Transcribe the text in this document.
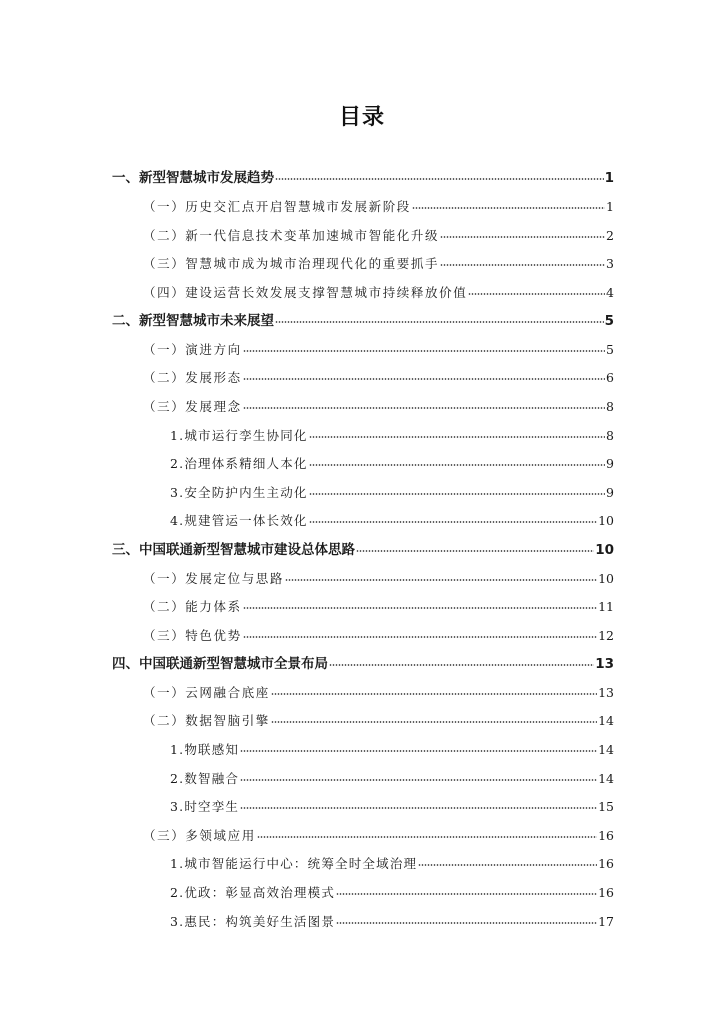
目录
一、新型智慧城市发展趋势	1
（一）历史交汇点开启智慧城市发展新阶段	1
（二）新一代信息技术变革加速城市智能化升级	2
（三）智慧城市成为城市治理现代化的重要抓手	3
（四）建设运营长效发展支撑智慧城市持续释放价值	4
二、新型智慧城市未来展望	5
（一）演进方向	5
（二）发展形态	6
（三）发展理念	8
1.城市运行孪生协同化	8
2.治理体系精细人本化	9
3.安全防护内生主动化	9
4.规建管运一体长效化	10
三、中国联通新型智慧城市建设总体思路	10
（一）发展定位与思路	10
（二）能力体系	11
（三）特色优势	12
四、中国联通新型智慧城市全景布局	13
（一）云网融合底座	13
（二）数据智脑引擎	14
1.物联感知	14
2.数智融合	14
3.时空孪生	15
（三）多领域应用	16
1.城市智能运行中心：统筹全时全域治理	16
2.优政：彰显高效治理模式	16
3.惠民：构筑美好生活图景	17
